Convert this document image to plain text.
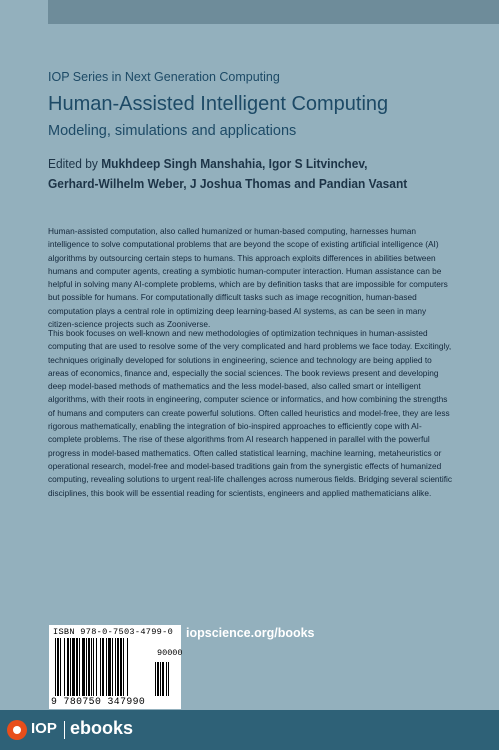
IOP Series in Next Generation Computing
Human-Assisted Intelligent Computing
Modeling, simulations and applications
Edited by Mukhdeep Singh Manshahia, Igor S Litvinchev,
Gerhard-Wilhelm Weber, J Joshua Thomas and Pandian Vasant

Human-assisted computation, also called humanized or human-based computing, harnesses human intelligence to solve computational problems that are beyond the scope of existing artificial intelligence (AI) algorithms by outsourcing certain steps to humans. This approach exploits differences in abilities between humans and computer agents, creating a symbiotic human-computer interaction. Human assistance can be helpful in solving many AI-complete problems, which are by definition tasks that are impossible for computers but possible for humans. For computationally difficult tasks such as image recognition, human-based computation plays a central role in optimizing deep learning-based AI systems, as can be seen in many citizen-science projects such as Zooniverse.

This book focuses on well-known and new methodologies of optimization techniques in human-assisted computing that are used to resolve some of the very complicated and hard problems we face today. Excitingly, techniques originally developed for solutions in engineering, science and technology are being applied to areas of economics, finance and, especially the social sciences. The book reviews present and developing deep model-based methods of mathematics and the less model-based, also called smart or intelligent algorithms, with their roots in engineering, computer science or informatics, and how combining the strengths of humans and computers can create powerful solutions. Often called heuristics and model-free, they are less rigorous mathematically, enabling the integration of bio-inspired approaches to efficiently cope with AI-complete problems. The rise of these algorithms from AI research happened in parallel with the powerful progress in model-based mathematics. Often called statistical learning, machine learning, metaheuristics or operational research, model-free and model-based traditions gain from the synergistic effects of humanized computing, revealing solutions to urgent real-life challenges across numerous fields. Bridging several scientific disciplines, this book will be essential reading for scientists, engineers and applied mathematicians alike.

ISBN 978-0-7503-4799-0
90000
9 780750 347990
iopscience.org/books
IOP ebooks
